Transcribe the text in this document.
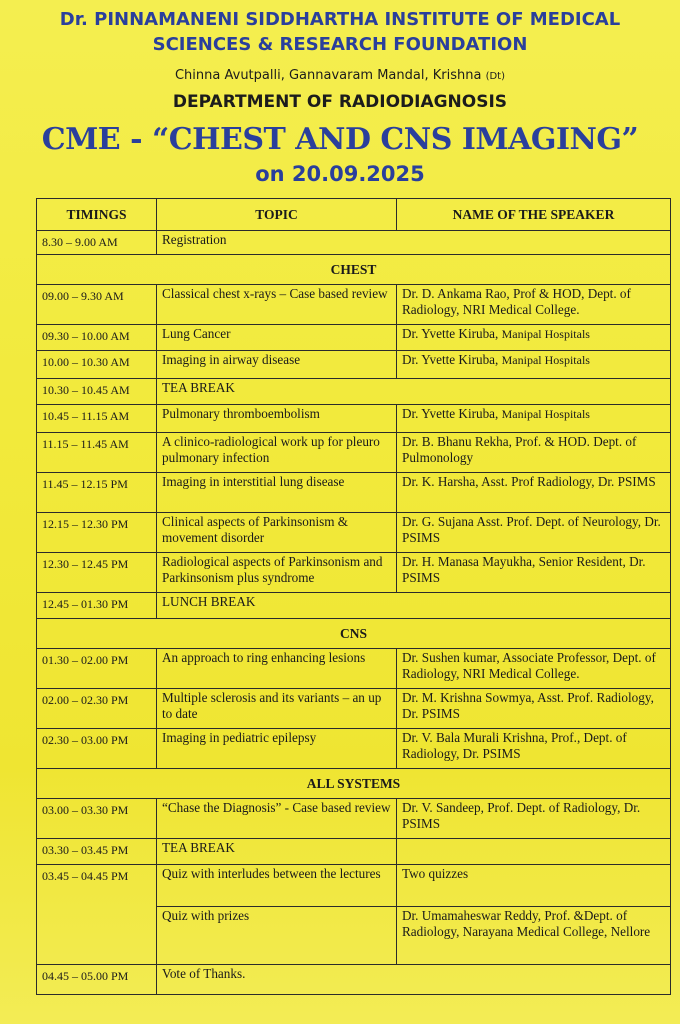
Dr. PINNAMANENI SIDDHARTHA INSTITUTE OF MEDICAL
SCIENCES & RESEARCH FOUNDATION
Chinna Avutpalli, Gannavaram Mandal, Krishna (Dt)
DEPARTMENT OF RADIODIAGNOSIS
CME - “CHEST AND CNS IMAGING”
on 20.09.2025
TIMINGS	TOPIC	NAME OF THE SPEAKER
8.30 – 9.00 AM	Registration	
CHEST		
09.00 – 9.30 AM	Classical chest x-rays – Case based review	Dr. D. Ankama Rao, Prof & HOD, Dept. of Radiology, NRI Medical College.
09.30 – 10.00 AM	Lung Cancer	Dr. Yvette Kiruba, Manipal Hospitals
10.00 – 10.30 AM	Imaging in airway disease	Dr. Yvette Kiruba, Manipal Hospitals
10.30 – 10.45 AM	TEA BREAK	
10.45 – 11.15 AM	Pulmonary thromboembolism	Dr. Yvette Kiruba, Manipal Hospitals
11.15 – 11.45 AM	A clinico-radiological work up for pleuro pulmonary infection	Dr. B. Bhanu Rekha, Prof. & HOD. Dept. of Pulmonology
11.45 – 12.15 PM	Imaging in interstitial lung disease	Dr. K. Harsha, Asst. Prof Radiology, Dr. PSIMS
12.15 – 12.30 PM	Clinical aspects of Parkinsonism & movement disorder	Dr. G. Sujana Asst. Prof. Dept. of Neurology, Dr. PSIMS
12.30 – 12.45 PM	Radiological aspects of Parkinsonism and Parkinsonism plus syndrome	Dr. H. Manasa Mayukha, Senior Resident, Dr. PSIMS
12.45 – 01.30 PM	LUNCH BREAK	
CNS		
01.30 – 02.00 PM	An approach to ring enhancing lesions	Dr. Sushen kumar, Associate Professor, Dept. of Radiology, NRI Medical College.
02.00 – 02.30 PM	Multiple sclerosis and its variants – an up to date	Dr. M. Krishna Sowmya, Asst. Prof. Radiology, Dr. PSIMS
02.30 – 03.00 PM	Imaging in pediatric epilepsy	Dr. V. Bala Murali Krishna, Prof., Dept. of Radiology, Dr. PSIMS
ALL SYSTEMS		
03.00 – 03.30 PM	“Chase the Diagnosis” - Case based review	Dr. V. Sandeep, Prof. Dept. of Radiology, Dr. PSIMS
03.30 – 03.45 PM	TEA BREAK	
03.45 – 04.45 PM	Quiz with interludes between the lectures	Two quizzes
	Quiz with prizes	Dr. Umamaheswar Reddy, Prof. &Dept. of Radiology, Narayana Medical College, Nellore
04.45 – 05.00 PM	Vote of Thanks.	
